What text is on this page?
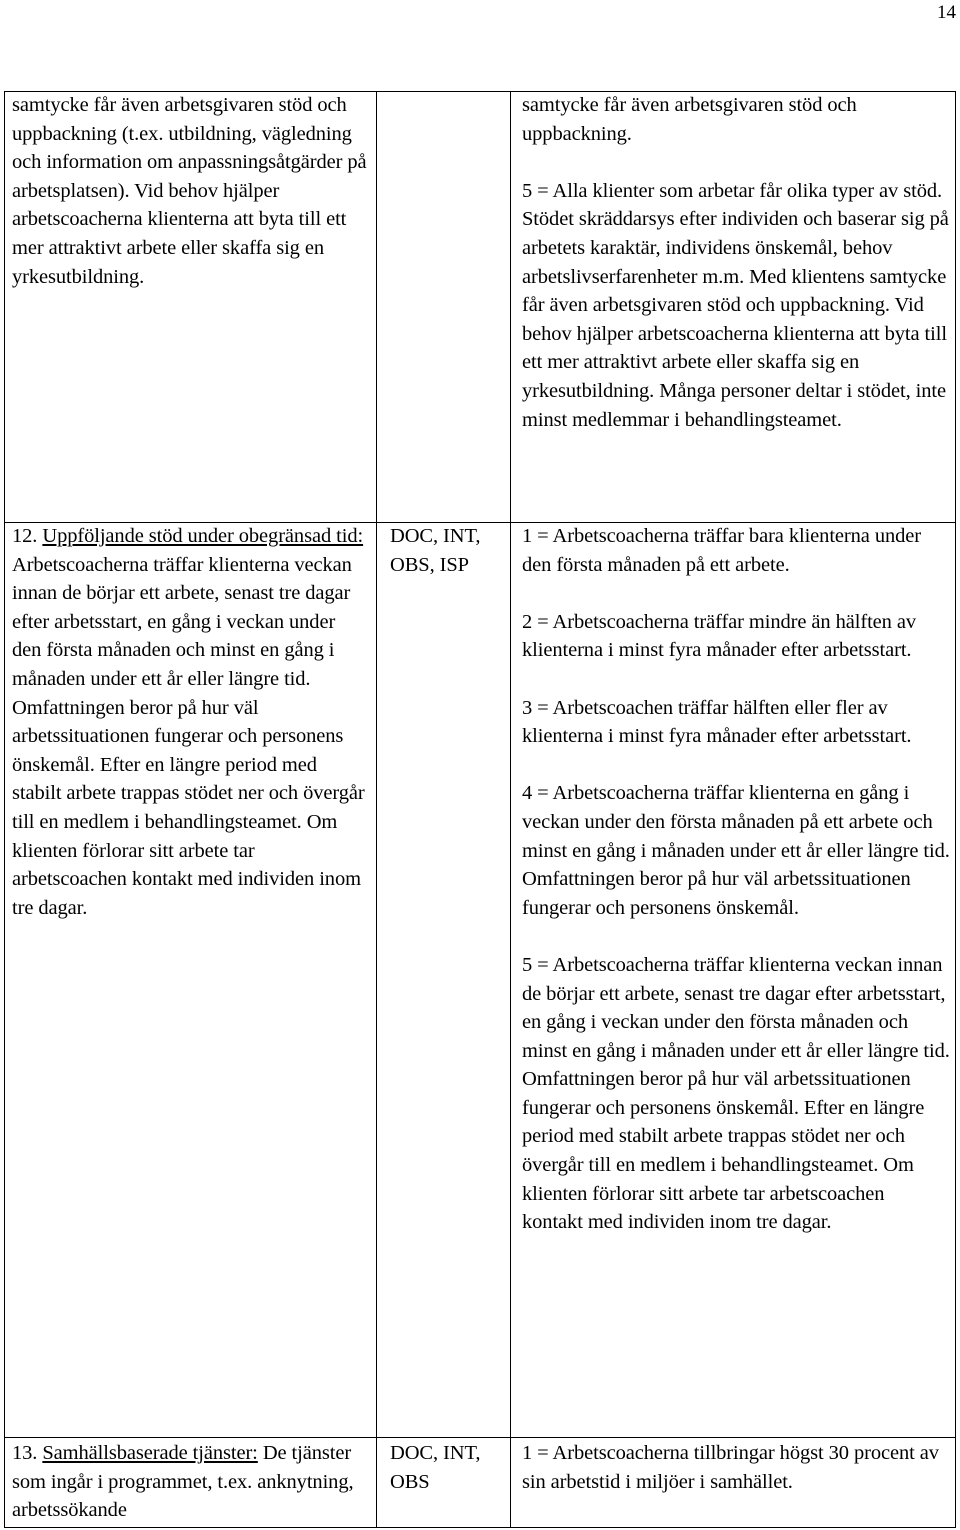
14
samtycke får även arbetsgivaren stöd och uppbackning (t.ex. utbildning, vägledning och information om anpassningsåtgärder på arbetsplatsen). Vid behov hjälper arbetscoacherna klienterna att byta till ett mer attraktivt arbete eller skaffa sig en yrkesutbildning.
samtycke får även arbetsgivaren stöd och uppbackning.
5 = Alla klienter som arbetar får olika typer av stöd. Stödet skräddarsys efter individen och baserar sig på arbetets karaktär, individens önskemål, behov arbetslivserfarenheter m.m. Med klientens samtycke får även arbetsgivaren stöd och uppbackning. Vid behov hjälper arbetscoacherna klienterna att byta till ett mer attraktivt arbete eller skaffa sig en yrkesutbildning. Många personer deltar i stödet, inte minst medlemmar i behandlingsteamet.
12. Uppföljande stöd under obegränsad tid: Arbetscoacherna träffar klienterna veckan innan de börjar ett arbete, senast tre dagar efter arbetsstart, en gång i veckan under den första månaden och minst en gång i månaden under ett år eller längre tid. Omfattningen beror på hur väl arbetssituationen fungerar och personens önskemål. Efter en längre period med stabilt arbete trappas stödet ner och övergår till en medlem i behandlingsteamet. Om klienten förlorar sitt arbete tar arbetscoachen kontakt med individen inom tre dagar.
DOC, INT, OBS, ISP
1 = Arbetscoacherna träffar bara klienterna under den första månaden på ett arbete.
2 = Arbetscoacherna träffar mindre än hälften av klienterna i minst fyra månader efter arbetsstart.
3 = Arbetscoachen träffar hälften eller fler av klienterna i minst fyra månader efter arbetsstart.
4 = Arbetscoacherna träffar klienterna en gång i veckan under den första månaden på ett arbete och minst en gång i månaden under ett år eller längre tid. Omfattningen beror på hur väl arbetssituationen fungerar och personens önskemål.
5 = Arbetscoacherna träffar klienterna veckan innan de börjar ett arbete, senast tre dagar efter arbetsstart, en gång i veckan under den första månaden och minst en gång i månaden under ett år eller längre tid. Omfattningen beror på hur väl arbetssituationen fungerar och personens önskemål. Efter en längre period med stabilt arbete trappas stödet ner och övergår till en medlem i behandlingsteamet. Om klienten förlorar sitt arbete tar arbetscoachen kontakt med individen inom tre dagar.
13. Samhällsbaserade tjänster: De tjänster som ingår i programmet, t.ex. anknytning, arbetssökande
DOC, INT, OBS
1 = Arbetscoacherna tillbringar högst 30 procent av sin arbetstid i miljöer i samhället.
